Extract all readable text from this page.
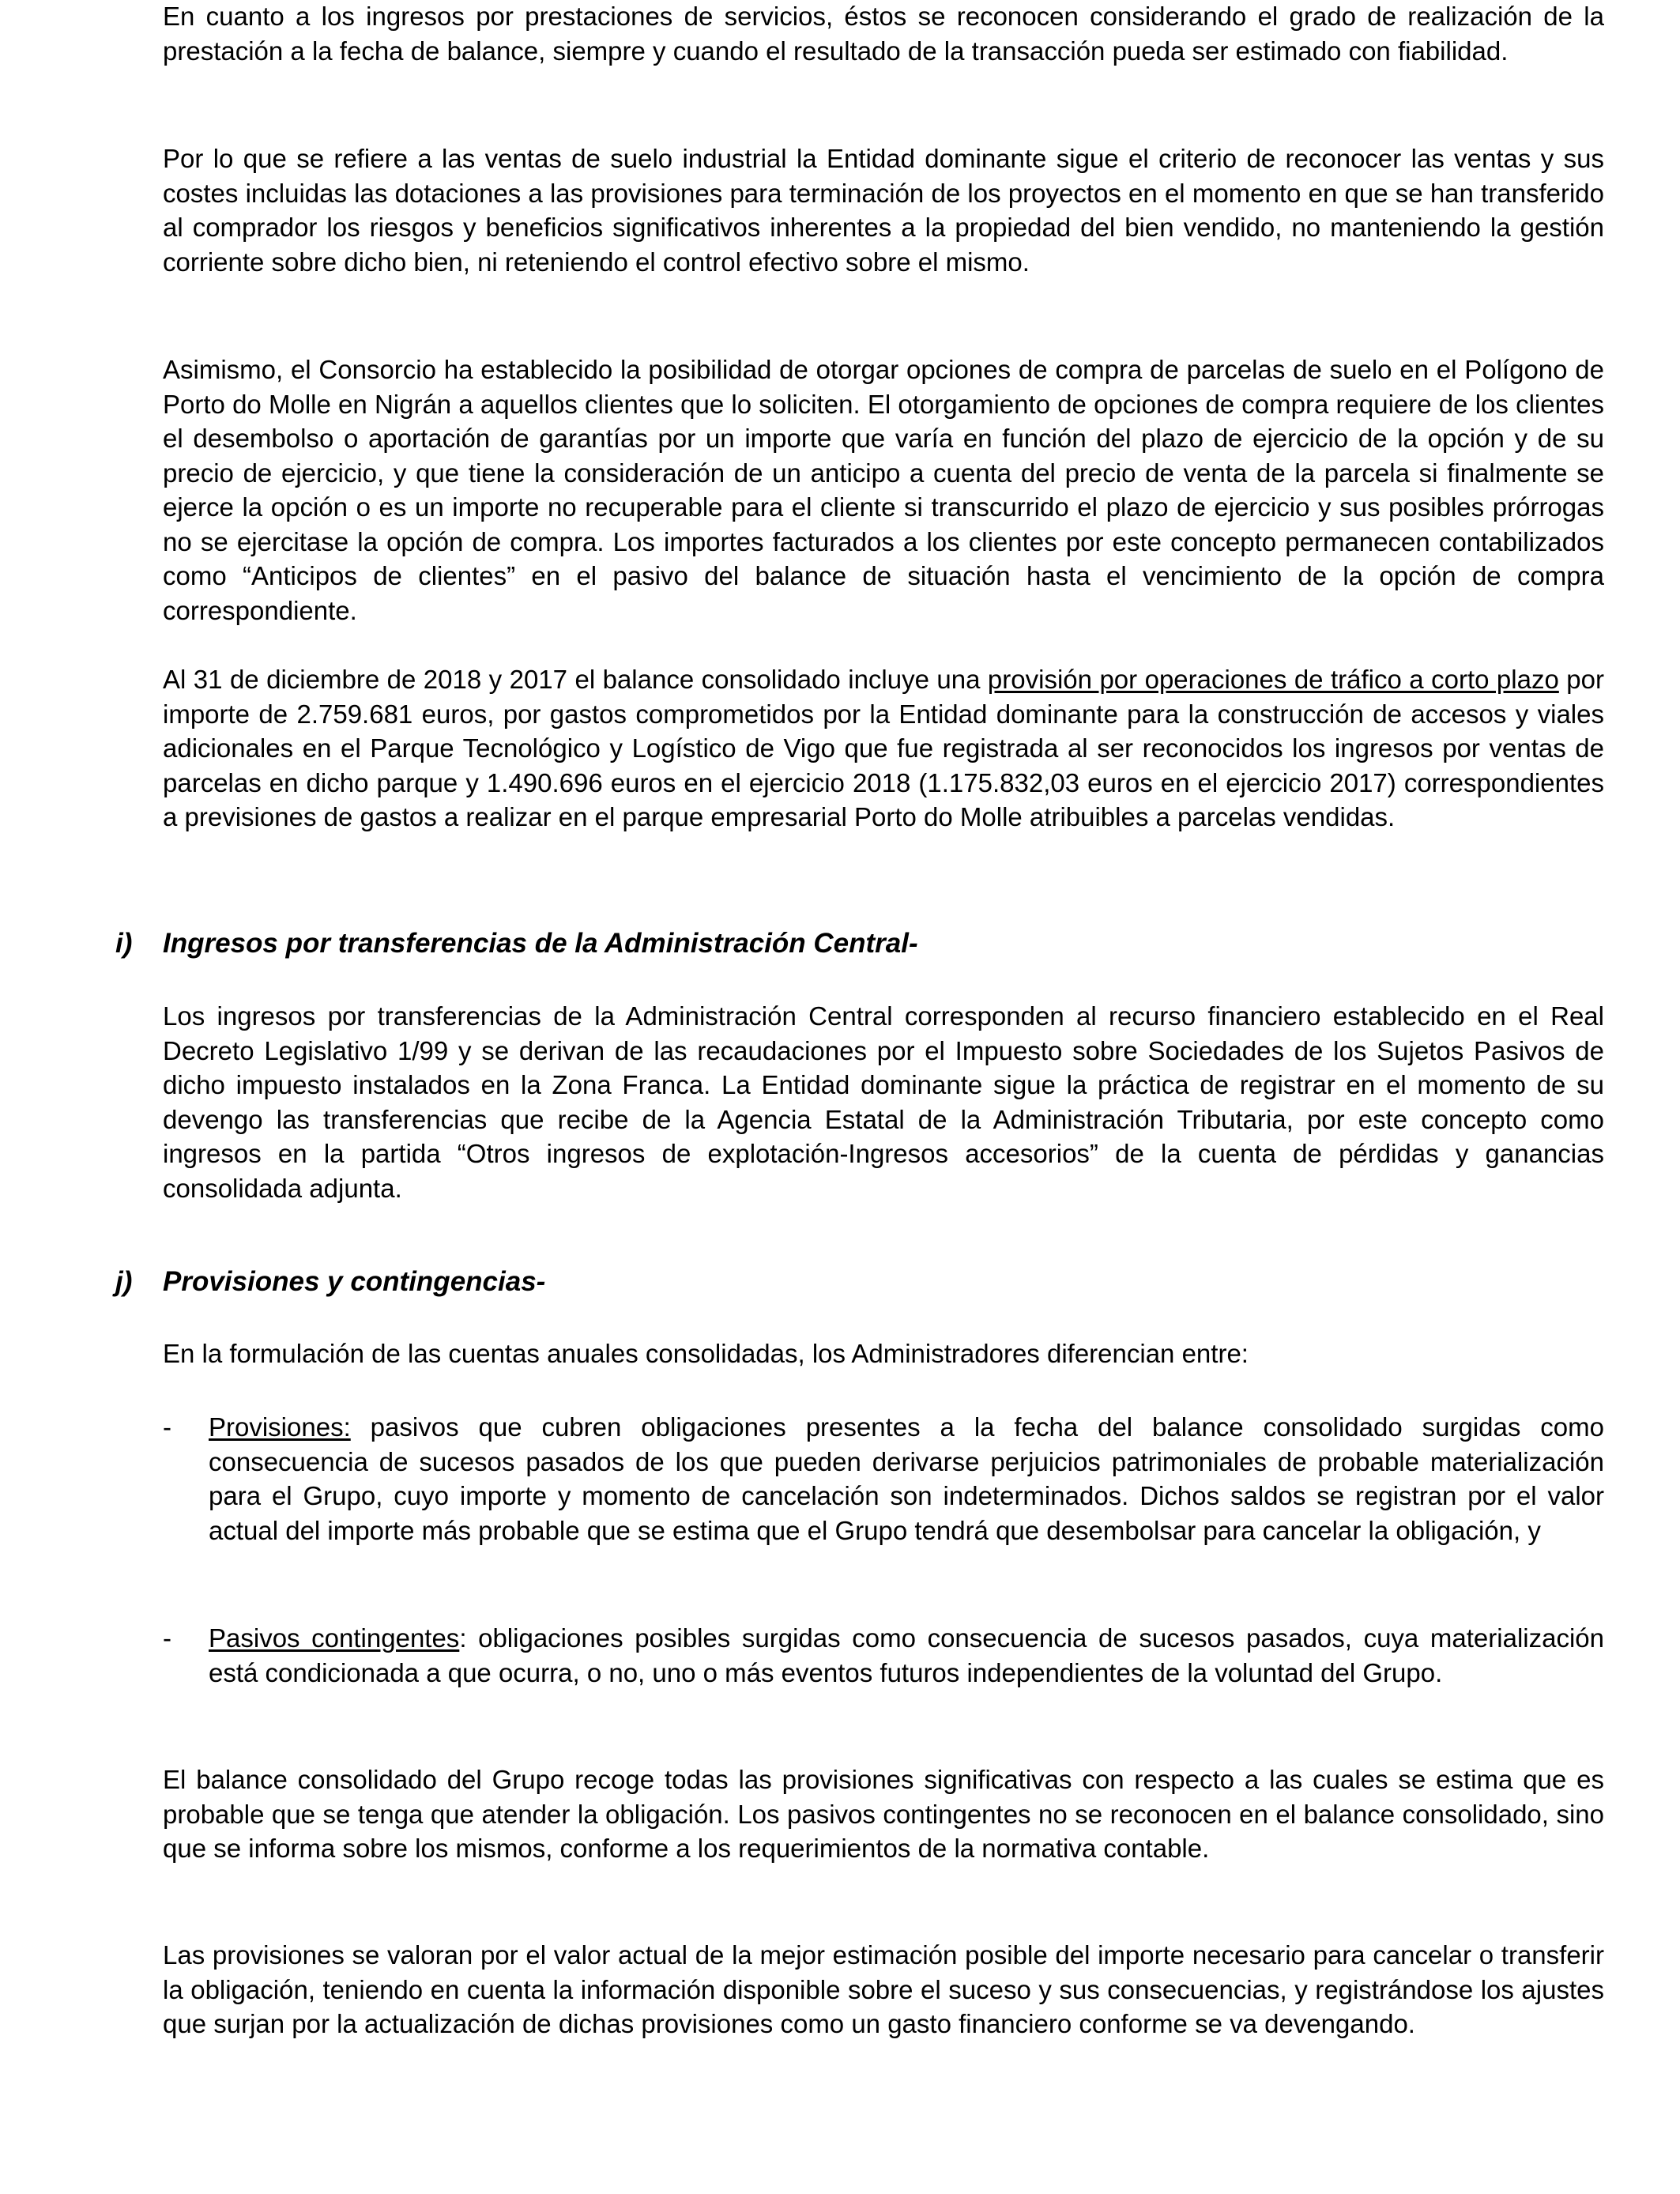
En cuanto a los ingresos por prestaciones de servicios, éstos se reconocen considerando el grado de realización de la prestación a la fecha de balance, siempre y cuando el resultado de la transacción pueda ser estimado con fiabilidad.

Por lo que se refiere a las ventas de suelo industrial la Entidad dominante sigue el criterio de reconocer las ventas y sus costes incluidas las dotaciones a las provisiones para terminación de los proyectos en el momento en que se han transferido al comprador los riesgos y beneficios significativos inherentes a la propiedad del bien vendido, no manteniendo la gestión corriente sobre dicho bien, ni reteniendo el control efectivo sobre el mismo.

Asimismo, el Consorcio ha establecido la posibilidad de otorgar opciones de compra de parcelas de suelo en el Polígono de Porto do Molle en Nigrán a aquellos clientes que lo soliciten. El otorgamiento de opciones de compra requiere de los clientes el desembolso o aportación de garantías por un importe que varía en función del plazo de ejercicio de la opción y de su precio de ejercicio, y que tiene la consideración de un anticipo a cuenta del precio de venta de la parcela si finalmente se ejerce la opción o es un importe no recuperable para el cliente si transcurrido el plazo de ejercicio y sus posibles prórrogas no se ejercitase la opción de compra. Los importes facturados a los clientes por este concepto permanecen contabilizados como “Anticipos de clientes” en el pasivo del balance de situación hasta el vencimiento de la opción de compra correspondiente.

Al 31 de diciembre de 2018 y 2017 el balance consolidado incluye una provisión por operaciones de tráfico a corto plazo por importe de 2.759.681 euros, por gastos comprometidos por la Entidad dominante para la construcción de accesos y viales adicionales en el Parque Tecnológico y Logístico de Vigo que fue registrada al ser reconocidos los ingresos por ventas de parcelas en dicho parque y 1.490.696 euros en el ejercicio 2018 (1.175.832,03 euros en el ejercicio 2017) correspondientes a previsiones de gastos a realizar en el parque empresarial Porto do Molle atribuibles a parcelas vendidas.

i) Ingresos por transferencias de la Administración Central-

Los ingresos por transferencias de la Administración Central corresponden al recurso financiero establecido en el Real Decreto Legislativo 1/99 y se derivan de las recaudaciones por el Impuesto sobre Sociedades de los Sujetos Pasivos de dicho impuesto instalados en la Zona Franca. La Entidad dominante sigue la práctica de registrar en el momento de su devengo las transferencias que recibe de la Agencia Estatal de la Administración Tributaria, por este concepto como ingresos en la partida “Otros ingresos de explotación-Ingresos accesorios” de la cuenta de pérdidas y ganancias consolidada adjunta.

j) Provisiones y contingencias-

En la formulación de las cuentas anuales consolidadas, los Administradores diferencian entre:

- Provisiones: pasivos que cubren obligaciones presentes a la fecha del balance consolidado surgidas como consecuencia de sucesos pasados de los que pueden derivarse perjuicios patrimoniales de probable materialización para el Grupo, cuyo importe y momento de cancelación son indeterminados. Dichos saldos se registran por el valor actual del importe más probable que se estima que el Grupo tendrá que desembolsar para cancelar la obligación, y
- Pasivos contingentes: obligaciones posibles surgidas como consecuencia de sucesos pasados, cuya materialización está condicionada a que ocurra, o no, uno o más eventos futuros independientes de la voluntad del Grupo.

El balance consolidado del Grupo recoge todas las provisiones significativas con respecto a las cuales se estima que es probable que se tenga que atender la obligación. Los pasivos contingentes no se reconocen en el balance consolidado, sino que se informa sobre los mismos, conforme a los requerimientos de la normativa contable.

Las provisiones se valoran por el valor actual de la mejor estimación posible del importe necesario para cancelar o transferir la obligación, teniendo en cuenta la información disponible sobre el suceso y sus consecuencias, y registrándose los ajustes que surjan por la actualización de dichas provisiones como un gasto financiero conforme se va devengando.
